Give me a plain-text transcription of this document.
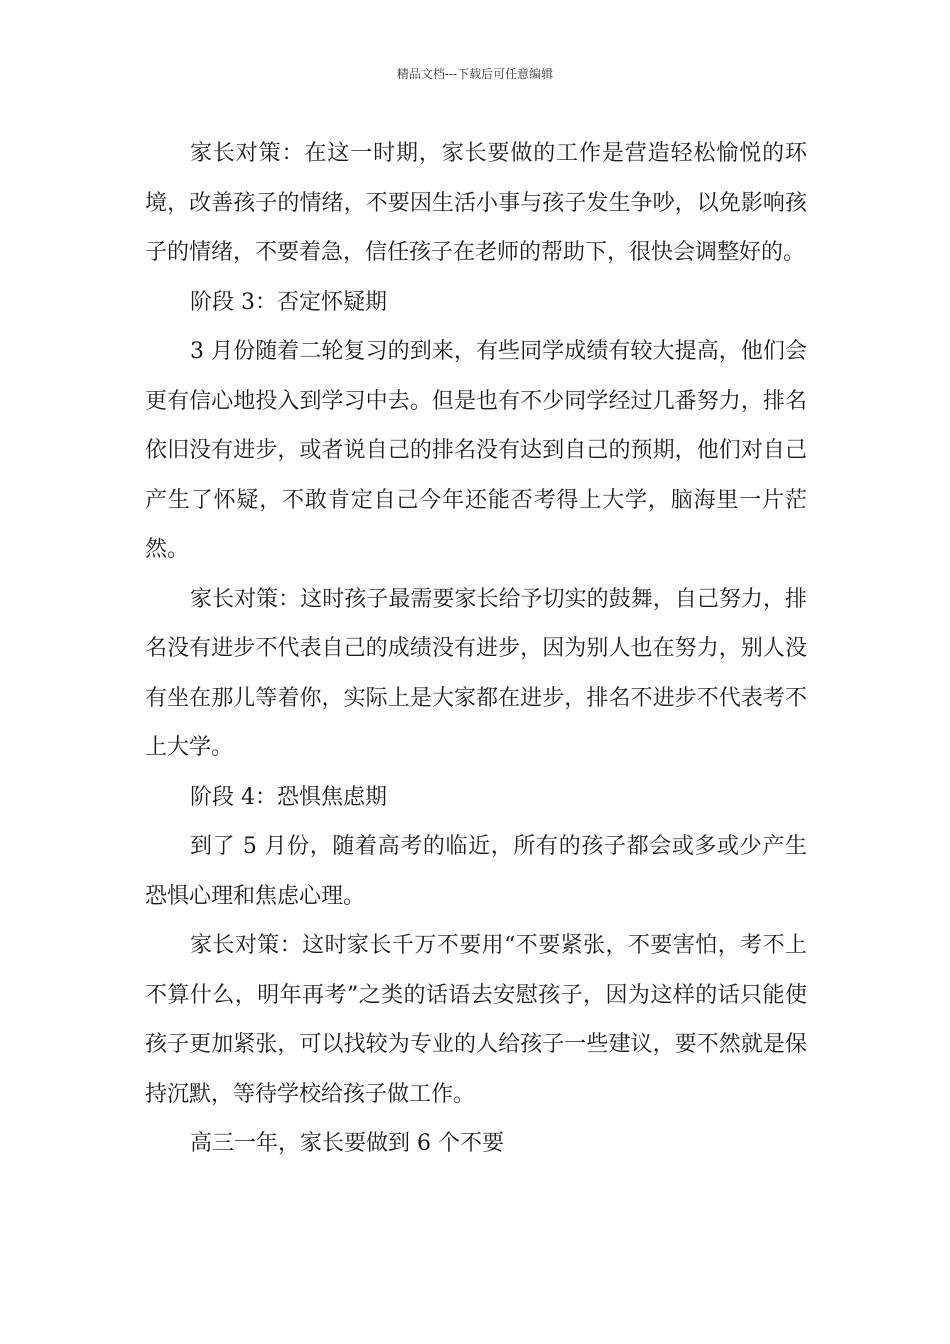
精品文档---下载后可任意编辑

家长对策：在这一时期，家长要做的工作是营造轻松愉悦的环境，改善孩子的情绪，不要因生活小事与孩子发生争吵，以免影响孩子的情绪，不要着急，信任孩子在老师的帮助下，很快会调整好的。

阶段 3：否定怀疑期

3 月份随着二轮复习的到来，有些同学成绩有较大提高，他们会更有信心地投入到学习中去。但是也有不少同学经过几番努力，排名依旧没有进步，或者说自己的排名没有达到自己的预期，他们对自己产生了怀疑，不敢肯定自己今年还能否考得上大学，脑海里一片茫然。

家长对策：这时孩子最需要家长给予切实的鼓舞，自己努力，排名没有进步不代表自己的成绩没有进步，因为别人也在努力，别人没有坐在那儿等着你，实际上是大家都在进步，排名不进步不代表考不上大学。

阶段 4：恐惧焦虑期

到了 5 月份，随着高考的临近，所有的孩子都会或多或少产生恐惧心理和焦虑心理。

家长对策：这时家长千万不要用“不要紧张，不要害怕，考不上不算什么，明年再考”之类的话语去安慰孩子，因为这样的话只能使孩子更加紧张，可以找较为专业的人给孩子一些建议，要不然就是保持沉默，等待学校给孩子做工作。

高三一年，家长要做到 6 个不要
